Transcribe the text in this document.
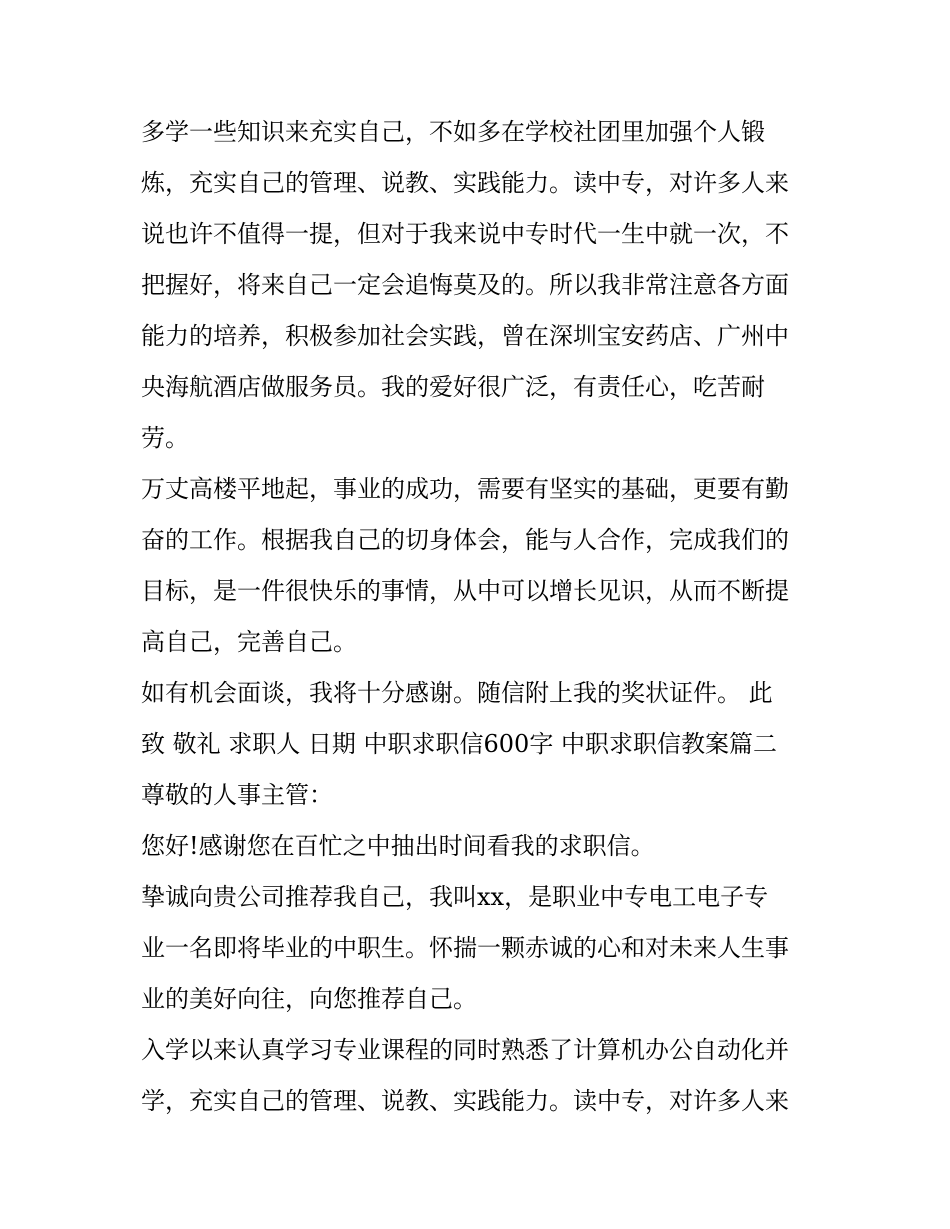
多学一些知识来充实自己，不如多在学校社团里加强个人锻
炼，充实自己的管理、说教、实践能力。读中专，对许多人来
说也许不值得一提，但对于我来说中专时代一生中就一次，不
把握好，将来自己一定会追悔莫及的。所以我非常注意各方面
能力的培养，积极参加社会实践，曾在深圳宝安药店、广州中
央海航酒店做服务员。我的爱好很广泛，有责任心，吃苦耐
劳。
万丈高楼平地起，事业的成功，需要有坚实的基础，更要有勤
奋的工作。根据我自己的切身体会，能与人合作，完成我们的
目标，是一件很快乐的事情，从中可以增长见识，从而不断提
高自己，完善自己。
如有机会面谈，我将十分感谢。随信附上我的奖状证件。 此
致 敬礼 求职人 日期 中职求职信600字 中职求职信教案篇二
尊敬的人事主管：
您好!感谢您在百忙之中抽出时间看我的求职信。
挚诚向贵公司推荐我自己，我叫xx，是职业中专电工电子专
业一名即将毕业的中职生。怀揣一颗赤诚的心和对未来人生事
业的美好向往，向您推荐自己。
入学以来认真学习专业课程的同时熟悉了计算机办公自动化并
学，充实自己的管理、说教、实践能力。读中专，对许多人来
